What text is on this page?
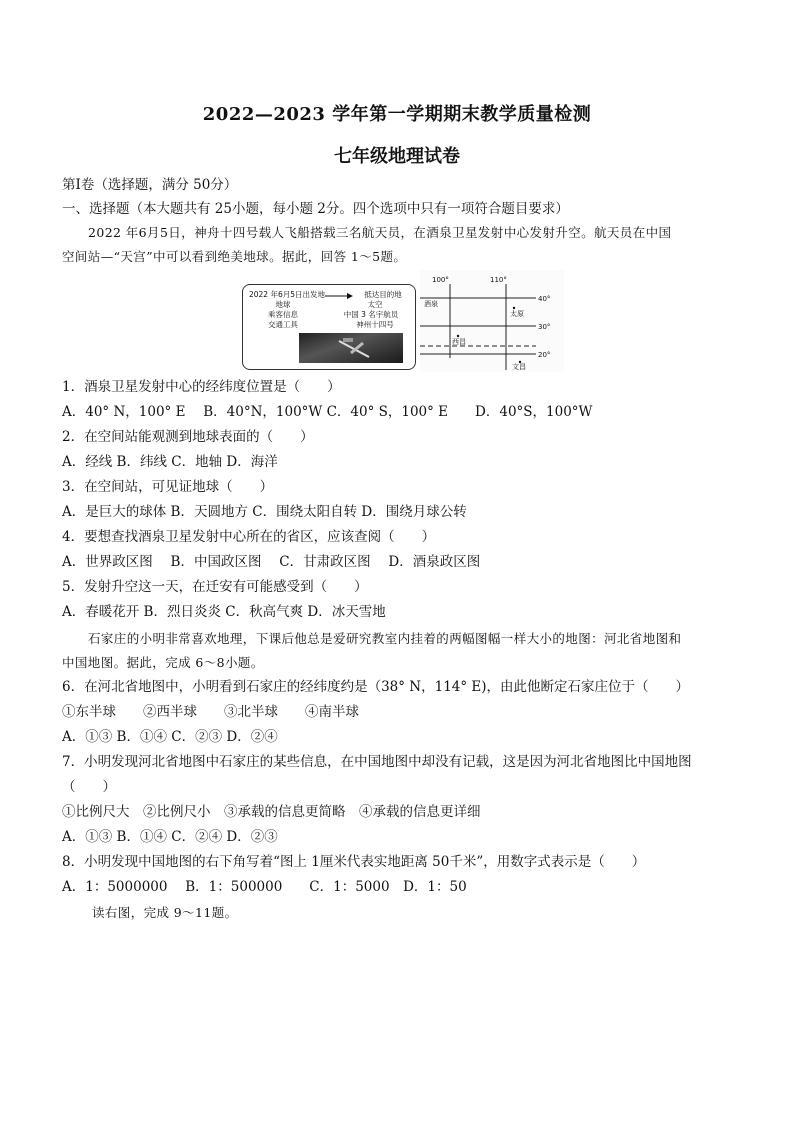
2022—2023 学年第一学期期末教学质量检测
七年级地理试卷
第Ⅰ卷（选择题，满分 50分）
一、选择题（本大题共有 25小题，每小题 2分。四个选项中只有一项符合题目要求）
2022 年6月5日，神舟十四号载人飞船搭载三名航天员，在酒泉卫星发射中心发射升空。航天员在中国
空间站—“天宫”中可以看到绝美地球。据此，回答 1～5题。
2022 年6月5日出发地	抵达目的地
地球	太空
乘客信息	中国 3 名宇航员
交通工具	神州十四号
100°	110°
40°
30°
20°
酒泉
太原
西昌
文昌
1．酒泉卫星发射中心的经纬度位置是（　　）
A．40° N，100° E　 B．40°N，100°W C．40° S，100° E　　D．40°S，100°W
2．在空间站能观测到地球表面的（　　）
A．经线 B．纬线 C．地轴 D．海洋
3．在空间站，可见证地球（　　）
A．是巨大的球体 B．天圆地方 C．围绕太阳自转 D．围绕月球公转
4．要想查找酒泉卫星发射中心所在的省区，应该查阅（　　）
A．世界政区图　 B．中国政区图　 C．甘肃政区图　 D．酒泉政区图
5．发射升空这一天，在迁安有可能感受到（　　）
A．春暖花开 B．烈日炎炎 C．秋高气爽 D．冰天雪地
石家庄的小明非常喜欢地理，下课后他总是爱研究教室内挂着的两幅图幅一样大小的地图：河北省地图和
中国地图。据此，完成 6～8小题。
6．在河北省地图中，小明看到石家庄的经纬度约是（38° N，114° E)，由此他断定石家庄位于（　　）
①东半球　　②西半球　　③北半球　　④南半球
A．①③ B．①④ C．②③ D．②④
7．小明发现河北省地图中石家庄的某些信息，在中国地图中却没有记载，这是因为河北省地图比中国地图
（　　）
①比例尺大　②比例尺小　③承载的信息更简略　④承载的信息更详细
A．①③ B．①④ C．②④ D．②③
8．小明发现中国地图的右下角写着“图上 1厘米代表实地距离 50千米”，用数字式表示是（　　）
A．1：5000000　 B．1：500000　　C．1：5000　D．1：50
读右图，完成 9～11题。
